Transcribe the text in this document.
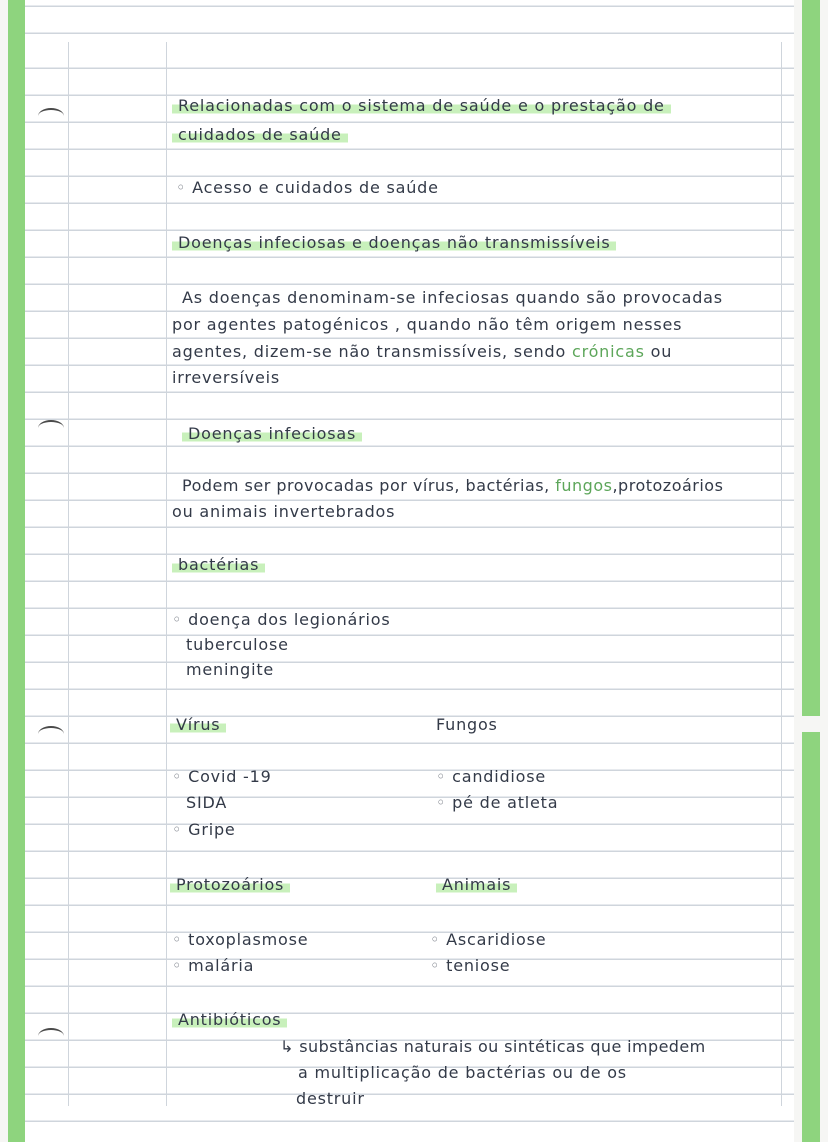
Relacionadas com o sistema de saúde e o prestação de

cuidados de saúde

◦ Acesso e cuidados de saúde

Doenças infeciosas e doenças não transmissíveis

As doenças denominam-se infeciosas quando são provocadas

por agentes patogénicos , quando não têm origem nesses

agentes, dizem-se não transmissíveis, sendo crónicas ou

irreversíveis

Doenças infeciosas

Podem ser provocadas por vírus, bactérias, fungos,protozoários

ou animais invertebrados

bactérias

◦ doença dos legionários

tuberculose

meningite

Vírus

◦ Covid -19

SIDA

◦ Gripe

Fungos

◦ candidiose

◦ pé de atleta

Protozoários

◦ toxoplasmose

◦ malária

Animais

◦ Ascaridiose

◦ teniose

Antibióticos

↳ substâncias naturais ou sintéticas que impedem

a multiplicação de bactérias ou de os

destruir
